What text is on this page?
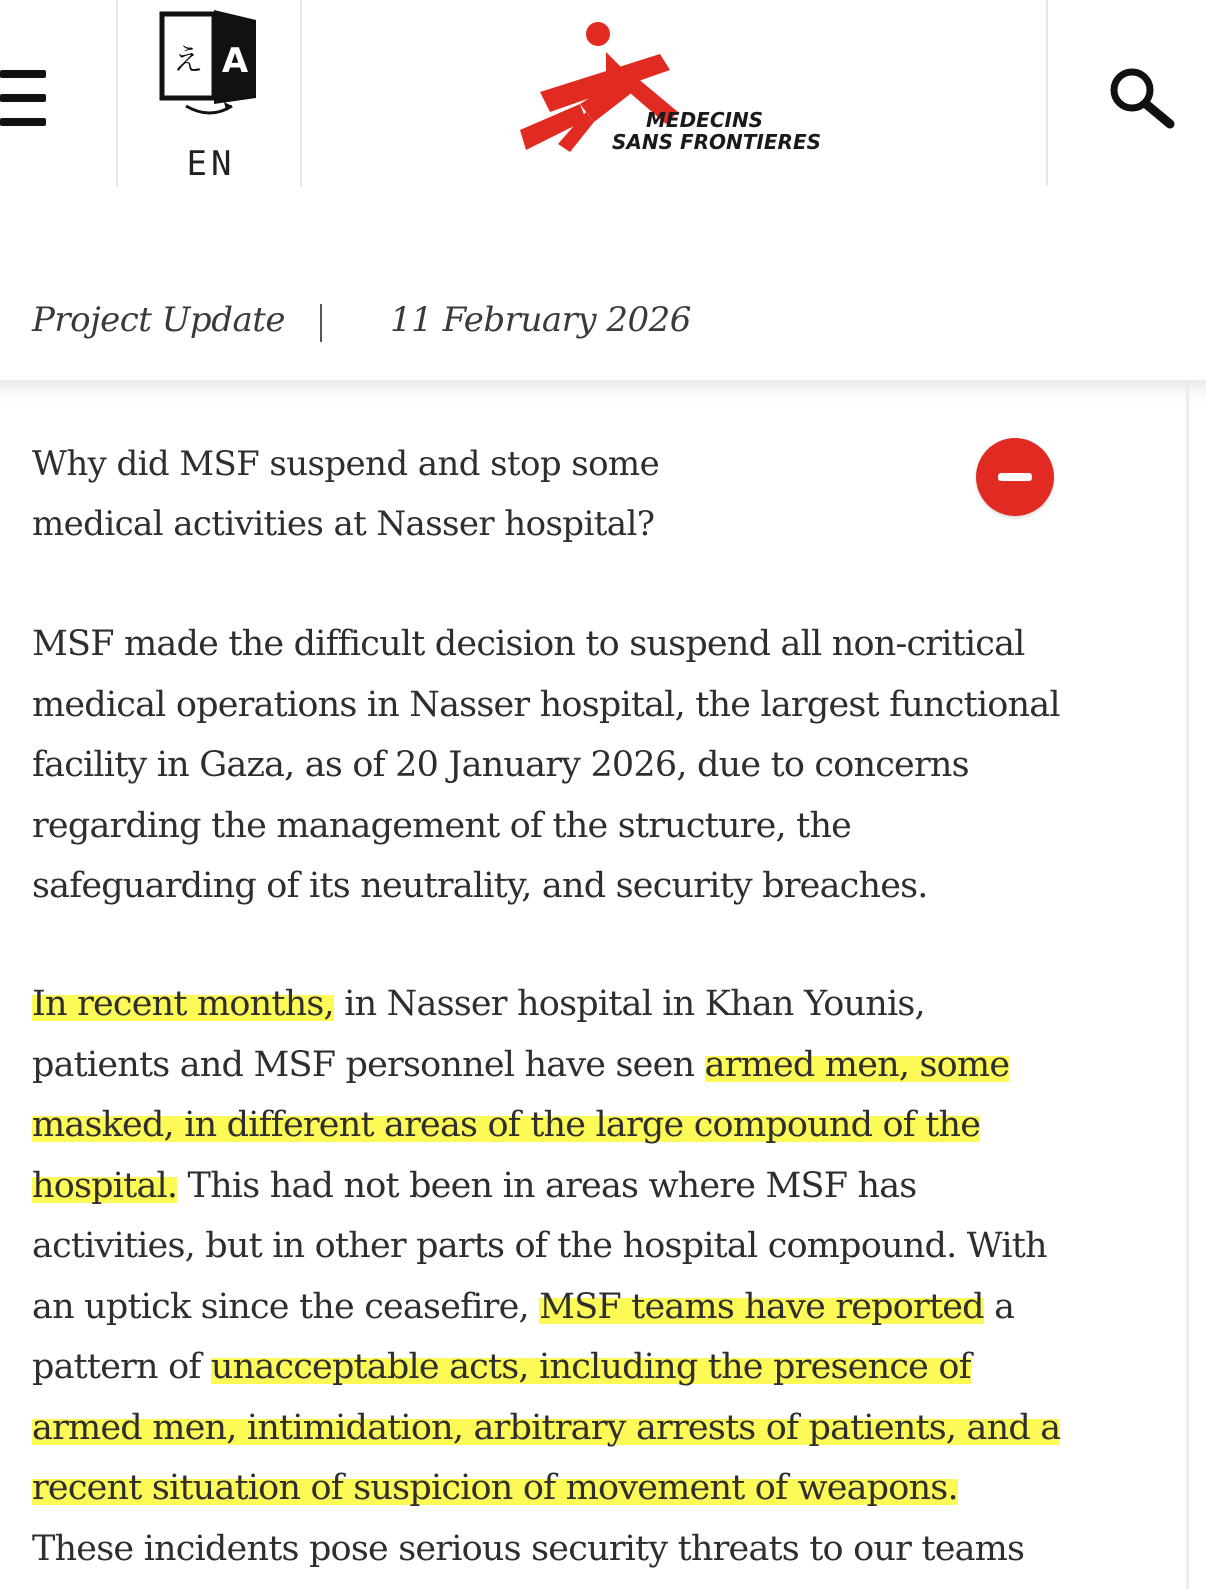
A
え
EN
MEDECINS
SANS FRONTIERES
Project Update	11 February 2026
Why did MSF suspend and stop some
medical activities at Nasser hospital?
MSF made the difficult decision to suspend all non-critical
medical operations in Nasser hospital, the largest functional
facility in Gaza, as of 20 January 2026, due to concerns
regarding the management of the structure, the
safeguarding of its neutrality, and security breaches.
In recent months, in Nasser hospital in Khan Younis,
patients and MSF personnel have seen armed men, some
masked, in different areas of the large compound of the
hospital. This had not been in areas where MSF has
activities, but in other parts of the hospital compound. With
an uptick since the ceasefire, MSF teams have reported a
pattern of unacceptable acts, including the presence of
armed men, intimidation, arbitrary arrests of patients, and a
recent situation of suspicion of movement of weapons.
These incidents pose serious security threats to our teams
